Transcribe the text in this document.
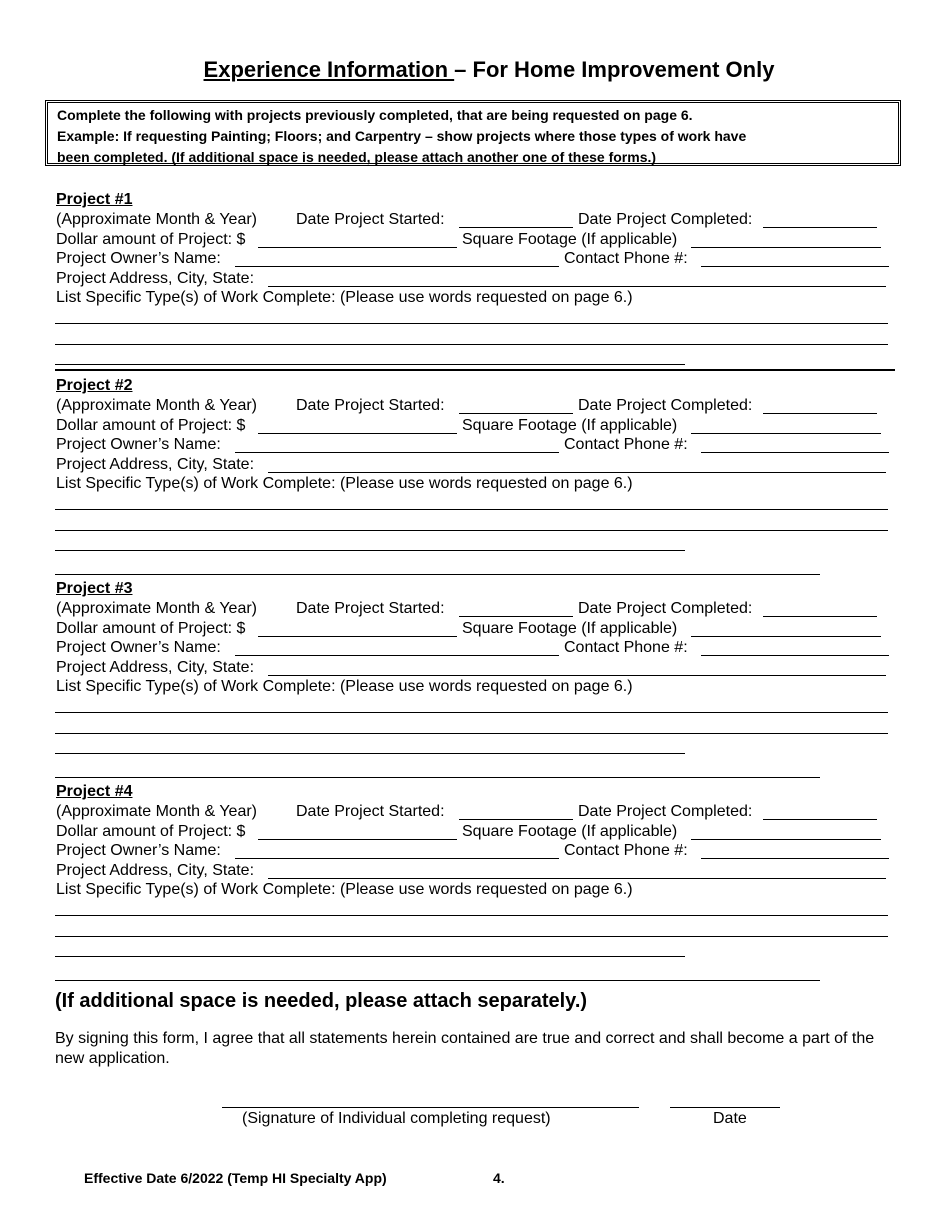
Experience Information – For Home Improvement Only
Complete the following with projects previously completed, that are being requested on page 6.
Example: If requesting Painting; Floors; and Carpentry – show projects where those types of work have
been completed. (If additional space is needed, please attach another one of these forms.)
Project #1
(Approximate Month & Year) Date Project Started:	Date Project Completed:
Dollar amount of Project: $	Square Footage (If applicable)
Project Owner’s Name:	Contact Phone #:
Project Address, City, State:
List Specific Type(s) of Work Complete: (Please use words requested on page 6.)
Project #2
(Approximate Month & Year) Date Project Started:	Date Project Completed:
Dollar amount of Project: $	Square Footage (If applicable)
Project Owner’s Name:	Contact Phone #:
Project Address, City, State:
List Specific Type(s) of Work Complete: (Please use words requested on page 6.)
Project #3
(Approximate Month & Year) Date Project Started:	Date Project Completed:
Dollar amount of Project: $	Square Footage (If applicable)
Project Owner’s Name:	Contact Phone #:
Project Address, City, State:
List Specific Type(s) of Work Complete: (Please use words requested on page 6.)
Project #4
(Approximate Month & Year) Date Project Started:	Date Project Completed:
Dollar amount of Project: $	Square Footage (If applicable)
Project Owner’s Name:	Contact Phone #:
Project Address, City, State:
List Specific Type(s) of Work Complete: (Please use words requested on page 6.)
(If additional space is needed, please attach separately.)
By signing this form, I agree that all statements herein contained are true and correct and shall become a part of the new application.
(Signature of Individual completing request)	Date
Effective Date 6/2022 (Temp HI Specialty App)	4.
